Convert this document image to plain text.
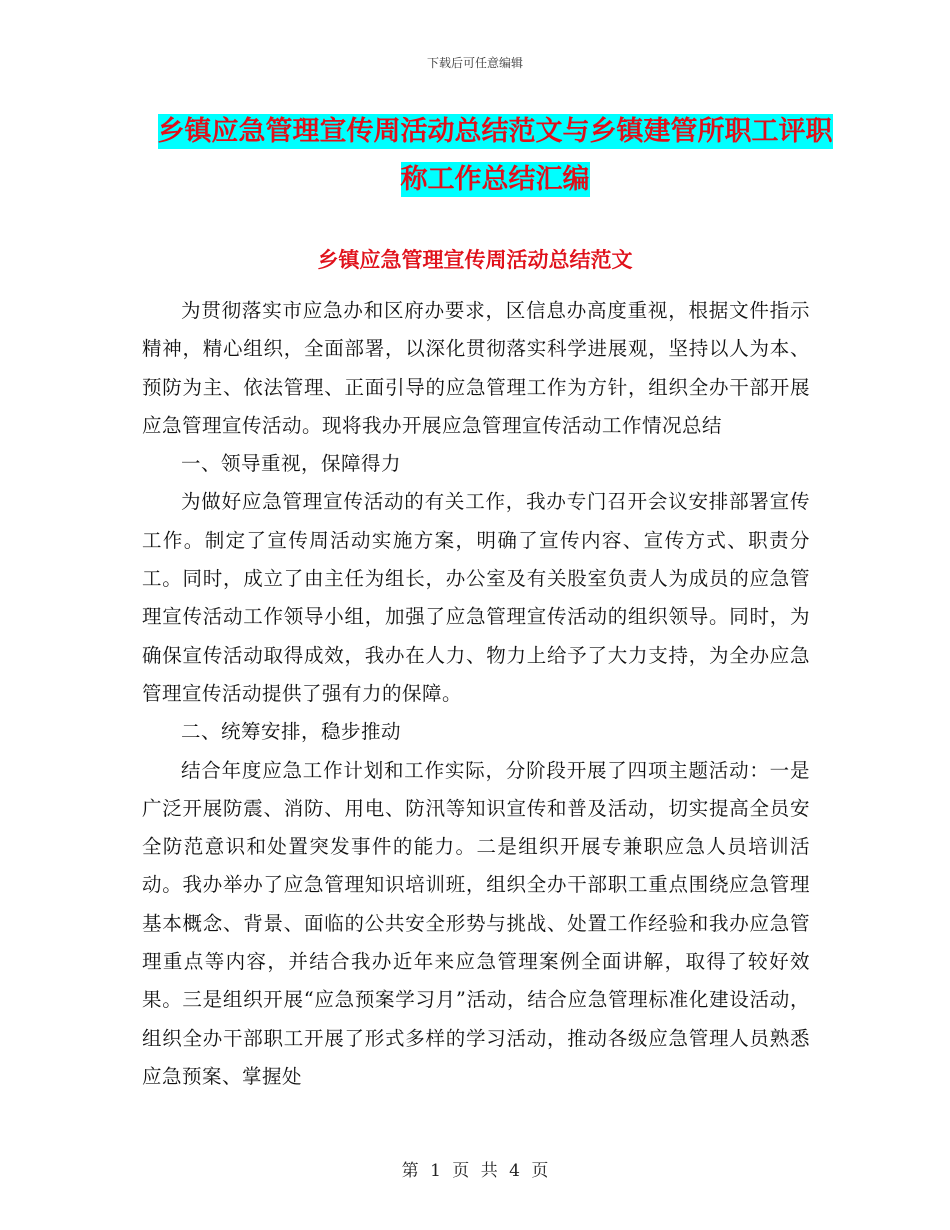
下载后可任意编辑
乡镇应急管理宣传周活动总结范文与乡镇建管所职工评职称工作总结汇编
乡镇应急管理宣传周活动总结范文

为贯彻落实市应急办和区府办要求，区信息办高度重视，根据文件指示精神，精心组织，全面部署，以深化贯彻落实科学进展观，坚持以人为本、预防为主、依法管理、正面引导的应急管理工作为方针，组织全办干部开展应急管理宣传活动。现将我办开展应急管理宣传活动工作情况总结

一、领导重视，保障得力

为做好应急管理宣传活动的有关工作，我办专门召开会议安排部署宣传工作。制定了宣传周活动实施方案，明确了宣传内容、宣传方式、职责分工。同时，成立了由主任为组长，办公室及有关股室负责人为成员的应急管理宣传活动工作领导小组，加强了应急管理宣传活动的组织领导。同时，为确保宣传活动取得成效，我办在人力、物力上给予了大力支持，为全办应急管理宣传活动提供了强有力的保障。

二、统筹安排，稳步推动

结合年度应急工作计划和工作实际，分阶段开展了四项主题活动：一是广泛开展防震、消防、用电、防汛等知识宣传和普及活动，切实提高全员安全防范意识和处置突发事件的能力。二是组织开展专兼职应急人员培训活动。我办举办了应急管理知识培训班，组织全办干部职工重点围绕应急管理基本概念、背景、面临的公共安全形势与挑战、处置工作经验和我办应急管理重点等内容，并结合我办近年来应急管理案例全面讲解，取得了较好效果。三是组织开展“应急预案学习月”活动，结合应急管理标准化建设活动，组织全办干部职工开展了形式多样的学习活动，推动各级应急管理人员熟悉应急预案、掌握处

第 1 页 共 4 页
